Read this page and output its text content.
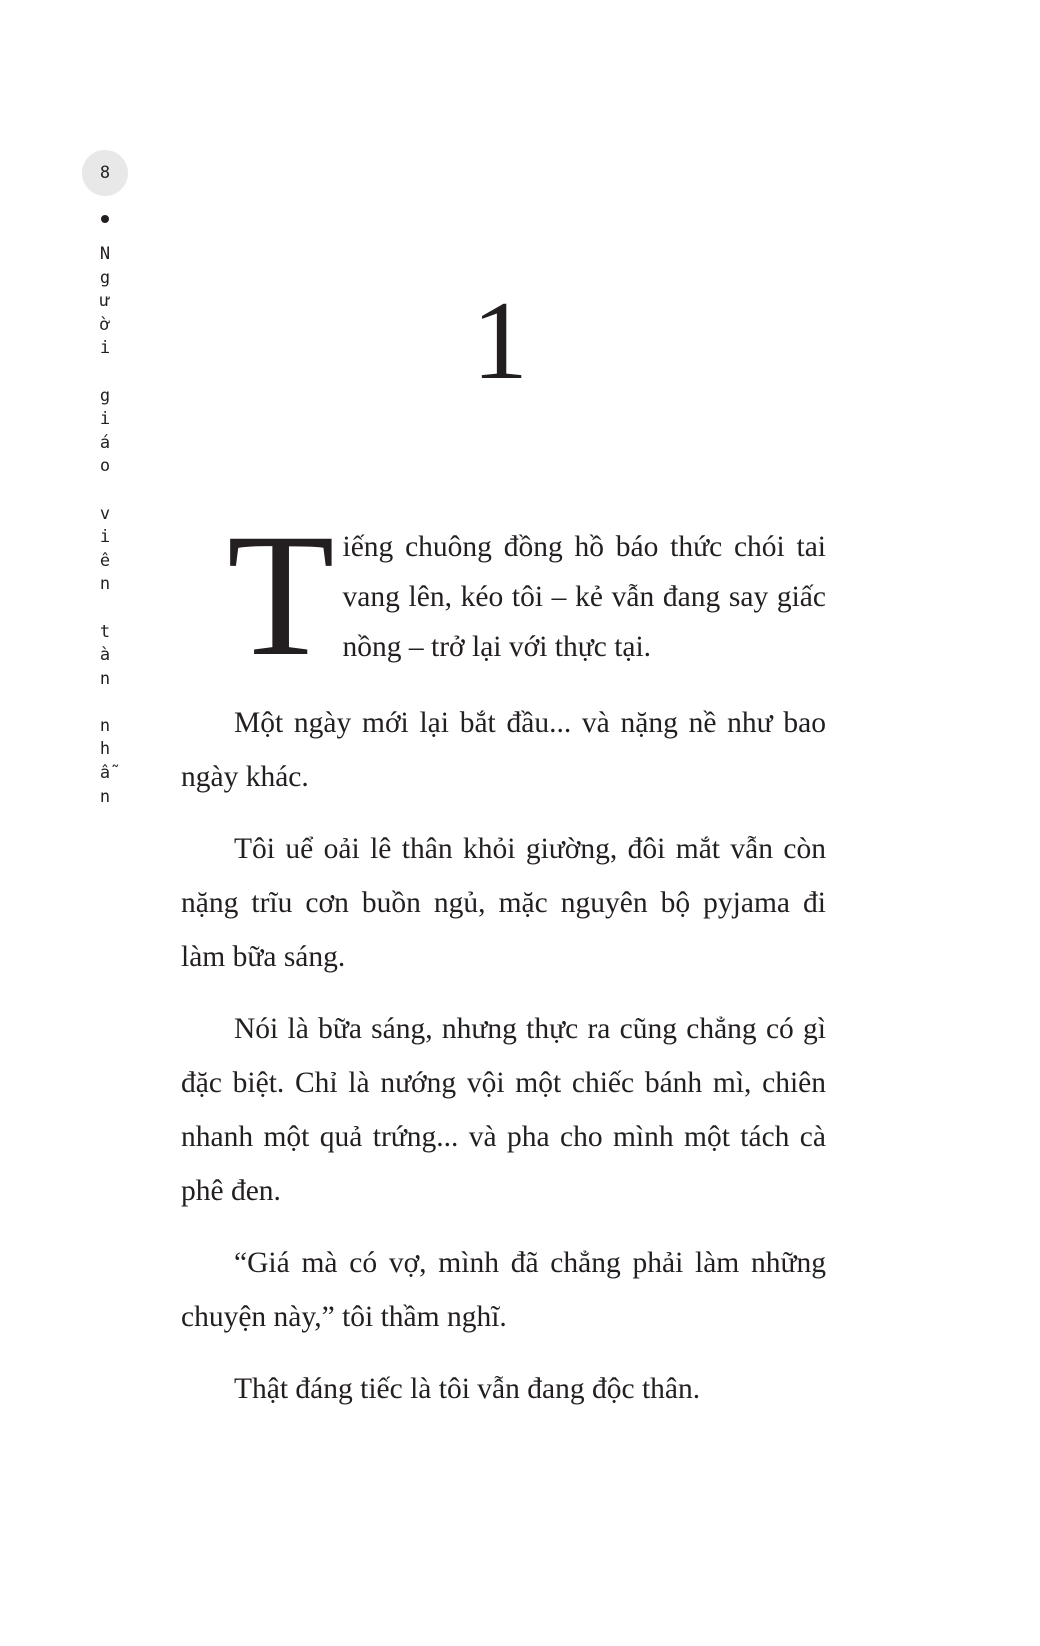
8
N
g
ư
ờ
i

g
i
á
o

v
i
ê
n

t
à
n

n
h
ẫ
n
1

T iếng chuông đồng hồ báo thức chói tai vang lên, kéo tôi – kẻ vẫn đang say giấc nồng – trở lại với thực tại.

Một ngày mới lại bắt đầu... và nặng nề như bao ngày khác.

Tôi uể oải lê thân khỏi giường, đôi mắt vẫn còn nặng trĩu cơn buồn ngủ, mặc nguyên bộ pyjama đi làm bữa sáng.

Nói là bữa sáng, nhưng thực ra cũng chẳng có gì đặc biệt. Chỉ là nướng vội một chiếc bánh mì, chiên nhanh một quả trứng... và pha cho mình một tách cà phê đen.

“Giá mà có vợ, mình đã chẳng phải làm những chuyện này,” tôi thầm nghĩ.

Thật đáng tiếc là tôi vẫn đang độc thân.
